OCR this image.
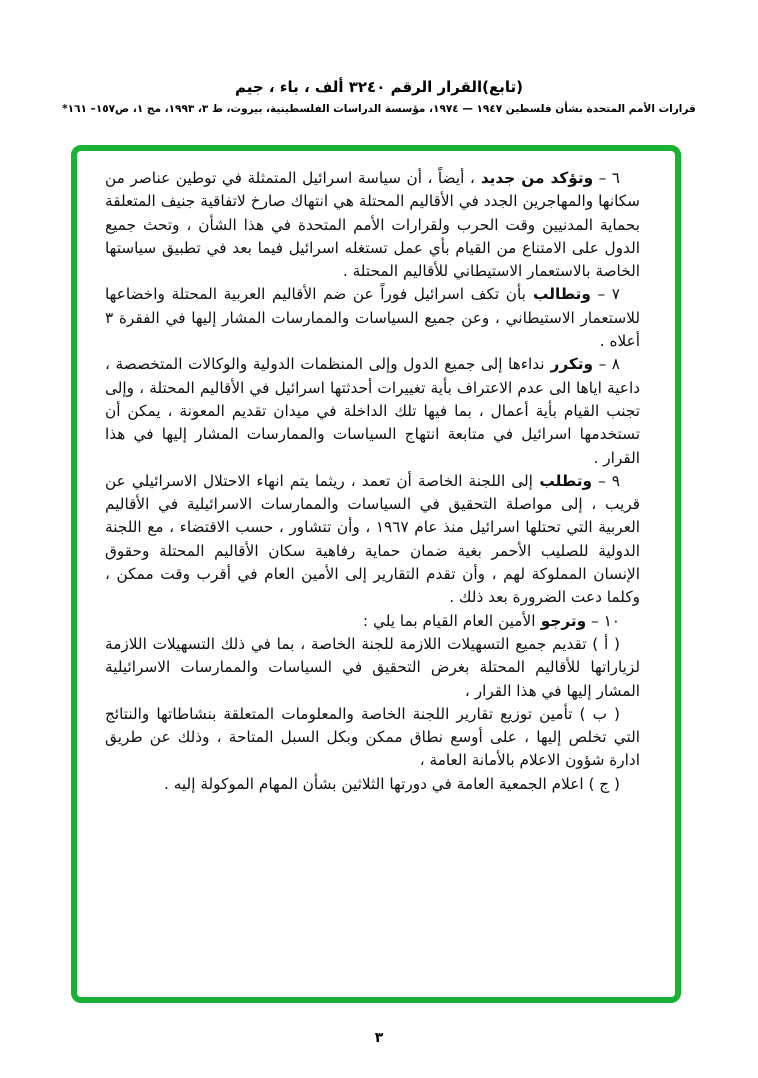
(تابع)القرار الرقم ٣٢٤٠ ألف ، باء ، جيم
قرارات الأمم المتحدة بشأن فلسطين ١٩٤٧ — ١٩٧٤، مؤسسة الدراسات الفلسطينية، بيروت، ط ٣، ١٩٩٣، مج ١، ص١٥٧– ١٦١*

٦ – وتؤكد من جديد ، أيضاً ، أن سياسة اسرائيل المتمثلة في توطين عناصر من سكانها والمهاجرين الجدد في الأقاليم المحتلة هي انتهاك صارخ لاتفاقية جنيف المتعلقة بحماية المدنيين وقت الحرب ولقرارات الأمم المتحدة في هذا الشأن ، وتحث جميع الدول على الامتناع من القيام بأي عمل تستغله اسرائيل فيما بعد في تطبيق سياستها الخاصة بالاستعمار الاستيطاني للأقاليم المحتلة .

٧ – وتطالب بأن تكف اسرائيل فوراً عن ضم الأقاليم العربية المحتلة واخضاعها للاستعمار الاستيطاني ، وعن جميع السياسات والممارسات المشار إليها في الفقرة ٣ أعلاه .

٨ – وتكرر نداءها إلى جميع الدول وإلى المنظمات الدولية والوكالات المتخصصة ، داعية اياها الى عدم الاعتراف بأية تغييرات أحدثتها اسرائيل في الأقاليم المحتلة ، وإلى تجنب القيام بأية أعمال ، بما فيها تلك الداخلة في ميدان تقديم المعونة ، يمكن أن تستخدمها اسرائيل في متابعة انتهاج السياسات والممارسات المشار إليها في هذا القرار .

٩ – وتطلب إلى اللجنة الخاصة أن تعمد ، ريثما يتم انهاء الاحتلال الاسرائيلي عن قريب ، إلى مواصلة التحقيق في السياسات والممارسات الاسرائيلية في الأقاليم العربية التي تحتلها اسرائيل منذ عام ١٩٦٧ ، وأن تتشاور ، حسب الاقتضاء ، مع اللجنة الدولية للصليب الأحمر بغية ضمان حماية رفاهية سكان الأقاليم المحتلة وحقوق الإنسان المملوكة لهم ، وأن تقدم التقارير إلى الأمين العام في أقرب وقت ممكن ، وكلما دعت الضرورة بعد ذلك .

١٠ – وترجو الأمين العام القيام بما يلي :

( أ ) تقديم جميع التسهيلات اللازمة للجنة الخاصة ، بما في ذلك التسهيلات اللازمة لزياراتها للأقاليم المحتلة بغرض التحقيق في السياسات والممارسات الاسرائيلية المشار إليها في هذا القرار ،

( ب ) تأمين توزيع تقارير اللجنة الخاصة والمعلومات المتعلقة بنشاطاتها والنتائج التي تخلص إليها ، على أوسع نطاق ممكن وبكل السبل المتاحة ، وذلك عن طريق ادارة شؤون الاعلام بالأمانة العامة ،

( ج ) اعلام الجمعية العامة في دورتها الثلاثين بشأن المهام الموكولة إليه .

٣
